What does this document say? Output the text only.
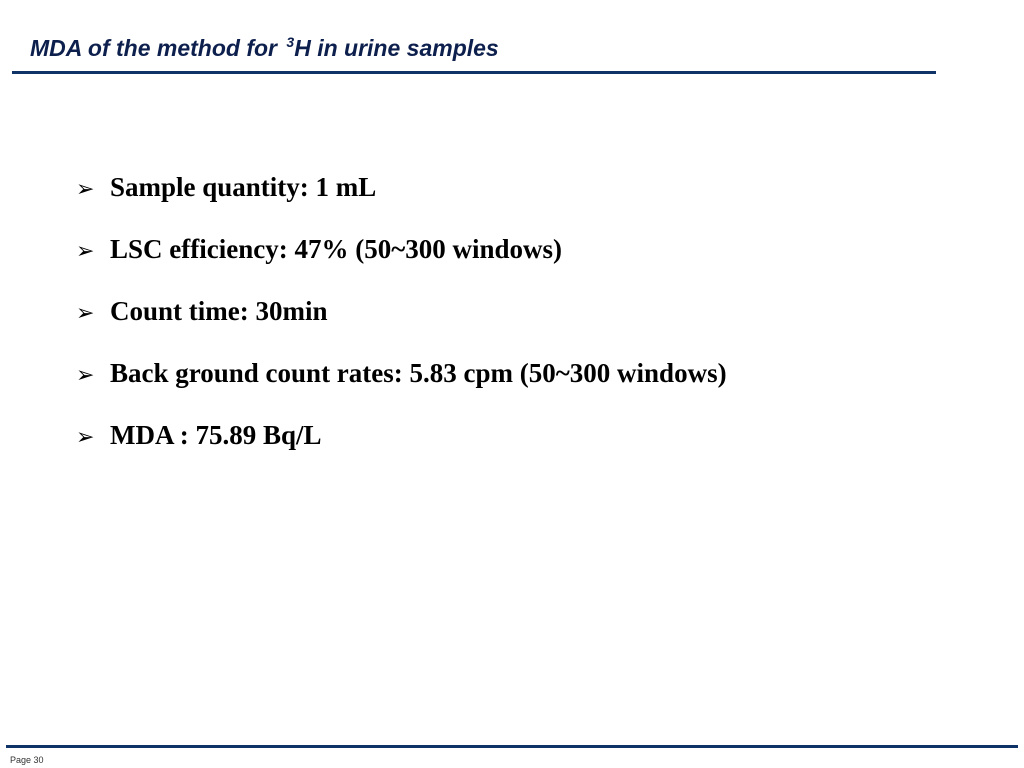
MDA of the method for $^3$H in urine samples
➢ Sample quantity: 1 mL
➢ LSC efficiency: 47% (50~300 windows)
➢ Count time: 30min
➢ Back ground count rates: 5.83 cpm (50~300 windows)
➢ MDA : 75.89 Bq/L
Page 30
